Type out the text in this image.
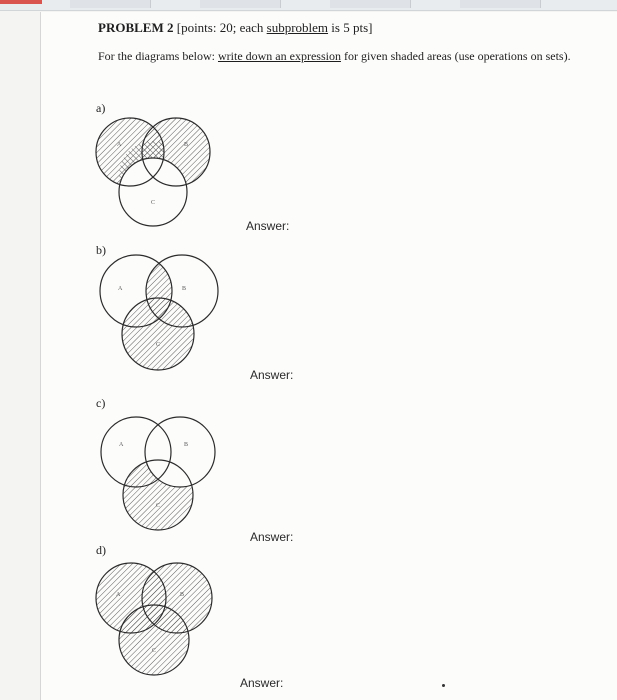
PROBLEM 2 [points: 20; each subproblem is 5 pts]
For the diagrams below: write down an expression for given shaded areas (use operations on sets).
a)
b)
c)
d)
Answer:
Answer:
Answer:
Answer:
A	B
C
A	B
C
A	B
C
A	B
C
